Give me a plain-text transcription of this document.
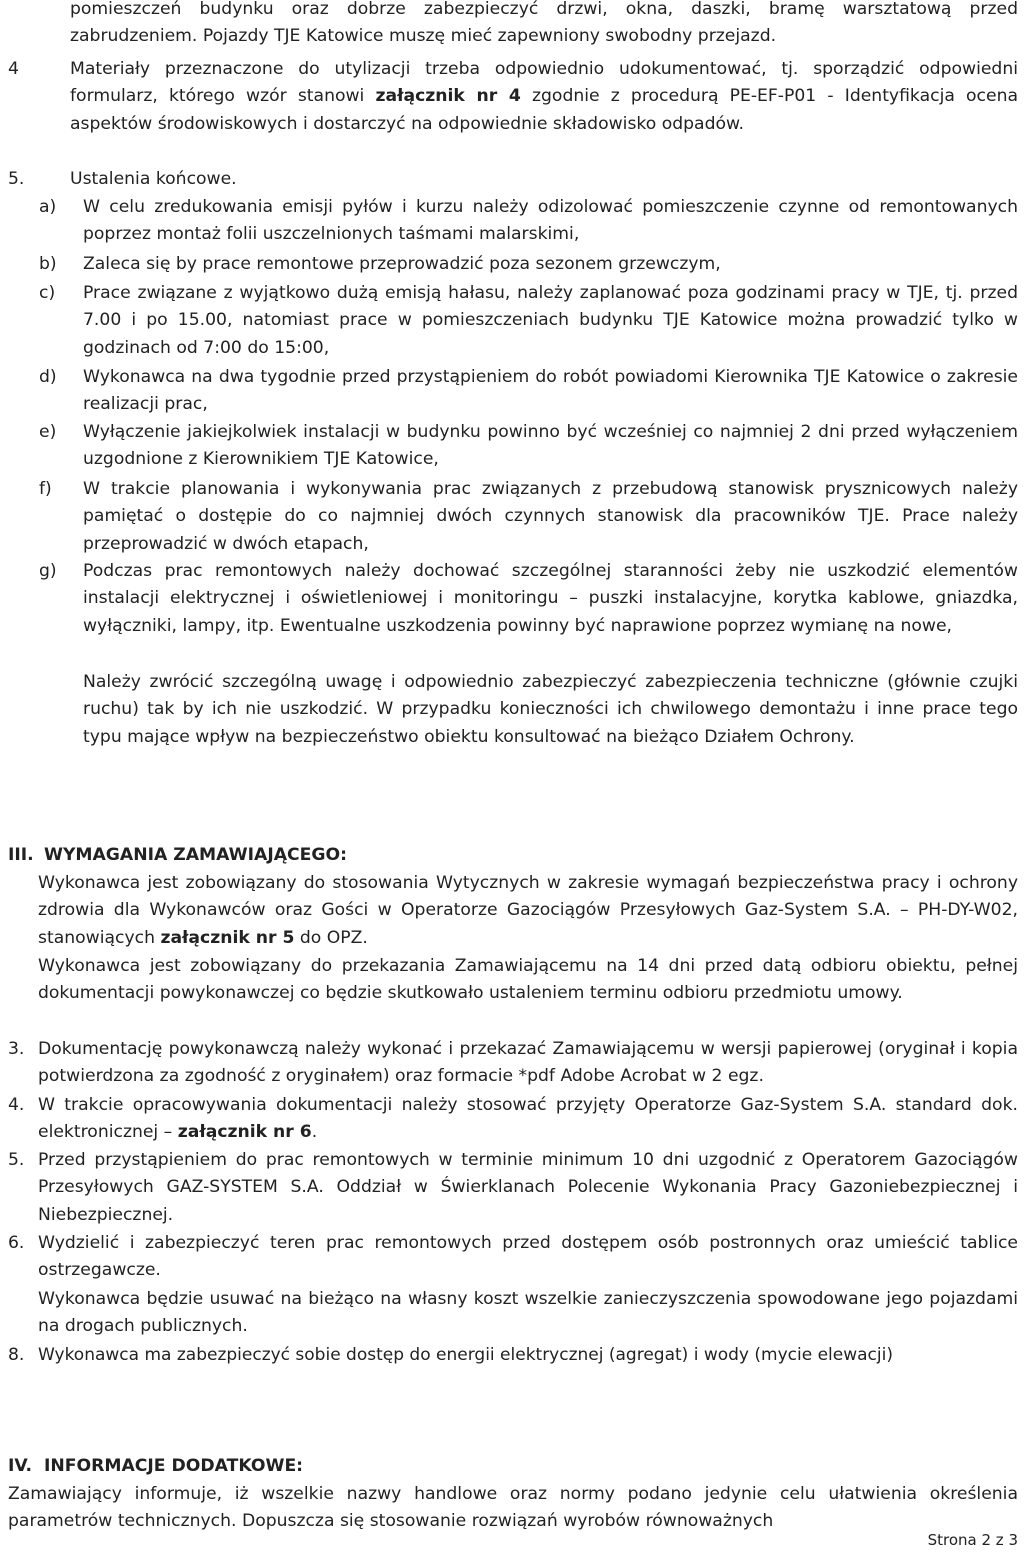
pomieszczeń budynku oraz dobrze zabezpieczyć drzwi, okna, daszki, bramę warsztatową przed zabrudzeniem. Pojazdy TJE Katowice muszę mieć zapewniony swobodny przejazd.

4	Materiały przeznaczone do utylizacji trzeba odpowiednio udokumentować, tj. sporządzić odpowiedni formularz, którego wzór stanowi załącznik nr 4 zgodnie z procedurą PE-EF-P01 - Identyfikacja ocena aspektów środowiskowych i dostarczyć na odpowiednie składowisko odpadów.

5.	Ustalenia końcowe.

a)	W celu zredukowania emisji pyłów i kurzu należy odizolować pomieszczenie czynne od remontowanych poprzez montaż folii uszczelnionych taśmami malarskimi,

b)	Zaleca się by prace remontowe przeprowadzić poza sezonem grzewczym,

c)	Prace związane z wyjątkowo dużą emisją hałasu, należy zaplanować poza godzinami pracy w TJE, tj. przed 7.00 i po 15.00, natomiast prace w pomieszczeniach budynku TJE Katowice można prowadzić tylko w godzinach od 7:00 do 15:00,

d)	Wykonawca na dwa tygodnie przed przystąpieniem do robót powiadomi Kierownika TJE Katowice o zakresie realizacji prac,

e)	Wyłączenie jakiejkolwiek instalacji w budynku powinno być wcześniej co najmniej 2 dni przed wyłączeniem uzgodnione z Kierownikiem TJE Katowice,

f)	W trakcie planowania i wykonywania prac związanych z przebudową stanowisk prysznicowych należy pamiętać o dostępie do co najmniej dwóch czynnych stanowisk dla pracowników TJE. Prace należy przeprowadzić w dwóch etapach,

g)	Podczas prac remontowych należy dochować szczególnej staranności żeby nie uszkodzić elementów instalacji elektrycznej i oświetleniowej i monitoringu – puszki instalacyjne, korytka kablowe, gniazdka, wyłączniki, lampy, itp. Ewentualne uszkodzenia powinny być naprawione poprzez wymianę na nowe,

Należy zwrócić szczególną uwagę i odpowiednio zabezpieczyć zabezpieczenia techniczne (głównie czujki ruchu) tak by ich nie uszkodzić. W przypadku konieczności ich chwilowego demontażu i inne prace tego typu mające wpływ na bezpieczeństwo obiektu konsultować na bieżąco Działem Ochrony.

III. WYMAGANIA ZAMAWIAJĄCEGO:

Wykonawca jest zobowiązany do stosowania Wytycznych w zakresie wymagań bezpieczeństwa pracy i ochrony zdrowia dla Wykonawców oraz Gości w Operatorze Gazociągów Przesyłowych Gaz-System S.A. – PH-DY-W02, stanowiących załącznik nr 5 do OPZ.

Wykonawca jest zobowiązany do przekazania Zamawiającemu na 14 dni przed datą odbioru obiektu, pełnej dokumentacji powykonawczej co będzie skutkowało ustaleniem terminu odbioru przedmiotu umowy.

3. Dokumentację powykonawczą należy wykonać i przekazać Zamawiającemu w wersji papierowej (oryginał i kopia potwierdzona za zgodność z oryginałem) oraz formacie *pdf Adobe Acrobat w 2 egz.

4. W trakcie opracowywania dokumentacji należy stosować przyjęty Operatorze Gaz-System S.A. standard dok. elektronicznej – załącznik nr 6.

5. Przed przystąpieniem do prac remontowych w terminie minimum 10 dni uzgodnić z Operatorem Gazociągów Przesyłowych GAZ-SYSTEM S.A. Oddział w Świerklanach Polecenie Wykonania Pracy Gazoniebezpiecznej i Niebezpiecznej.

6. Wydzielić i zabezpieczyć teren prac remontowych przed dostępem osób postronnych oraz umieścić tablice ostrzegawcze.

Wykonawca będzie usuwać na bieżąco na własny koszt wszelkie zanieczyszczenia spowodowane jego pojazdami na drogach publicznych.

8. Wykonawca ma zabezpieczyć sobie dostęp do energii elektrycznej (agregat) i wody (mycie elewacji)

IV. INFORMACJE DODATKOWE:

Zamawiający informuje, iż wszelkie nazwy handlowe oraz normy podano jedynie celu ułatwienia określenia parametrów technicznych. Dopuszcza się stosowanie rozwiązań wyrobów równoważnych

Strona 2 z 3
